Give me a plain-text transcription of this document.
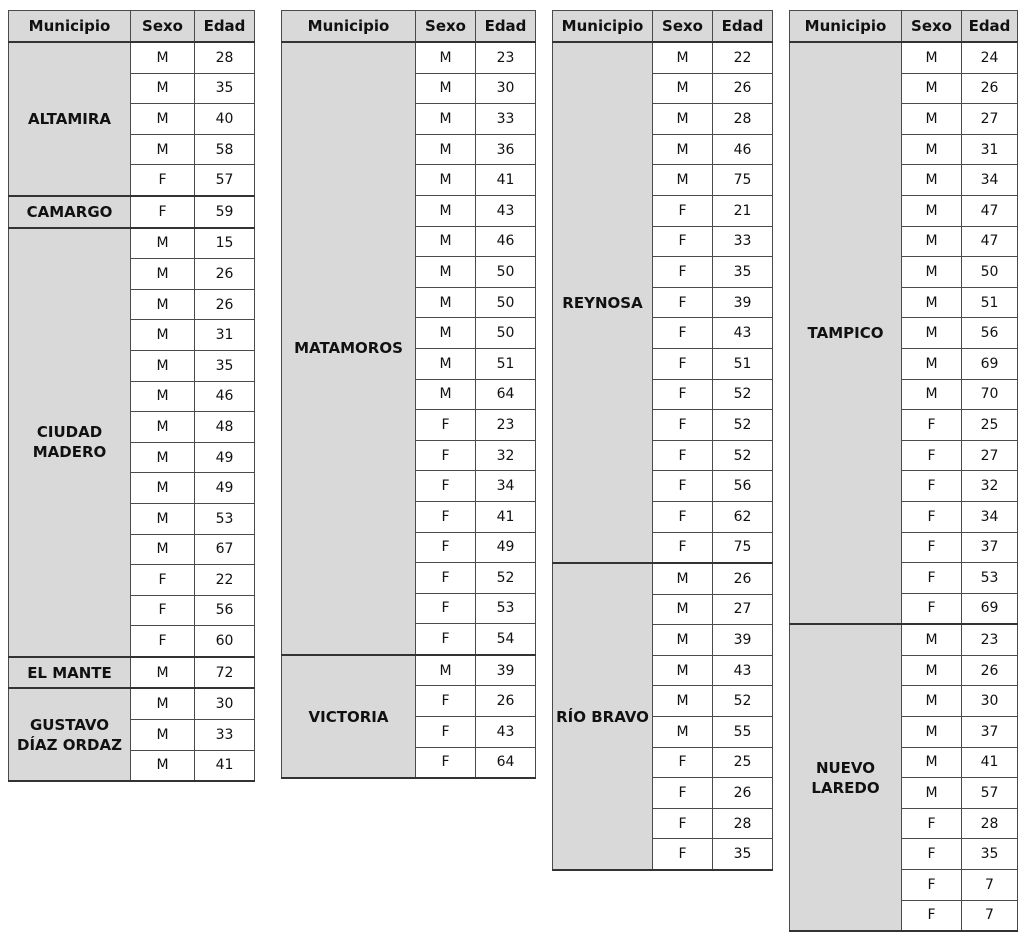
Municipio	Sexo	Edad
ALTAMIRA	M	28
	M	35
	M	40
	M	58
	F	57
CAMARGO	F	59
CIUDAD MADERO	M	15
	M	26
	M	26
	M	31
	M	35
	M	46
	M	48
	M	49
	M	49
	M	53
	M	67
	F	22
	F	56
	F	60
EL MANTE	M	72
GUSTAVO DÍAZ ORDAZ	M	30
	M	33
	M	41
Municipio	Sexo	Edad
MATAMOROS	M	23
	M	30
	M	33
	M	36
	M	41
	M	43
	M	46
	M	50
	M	50
	M	50
	M	51
	M	64
	F	23
	F	32
	F	34
	F	41
	F	49
	F	52
	F	53
	F	54
VICTORIA	M	39
	F	26
	F	43
	F	64
Municipio	Sexo	Edad
REYNOSA	M	22
	M	26
	M	28
	M	46
	M	75
	F	21
	F	33
	F	35
	F	39
	F	43
	F	51
	F	52
	F	52
	F	52
	F	56
	F	62
	F	75
RÍO BRAVO	M	26
	M	27
	M	39
	M	43
	M	52
	M	55
	F	25
	F	26
	F	28
	F	35
Municipio	Sexo	Edad
TAMPICO	M	24
	M	26
	M	27
	M	31
	M	34
	M	47
	M	47
	M	50
	M	51
	M	56
	M	69
	M	70
	F	25
	F	27
	F	32
	F	34
	F	37
	F	53
	F	69
NUEVO LAREDO	M	23
	M	26
	M	30
	M	37
	M	41
	M	57
	F	28
	F	35
	F	7
	F	7
